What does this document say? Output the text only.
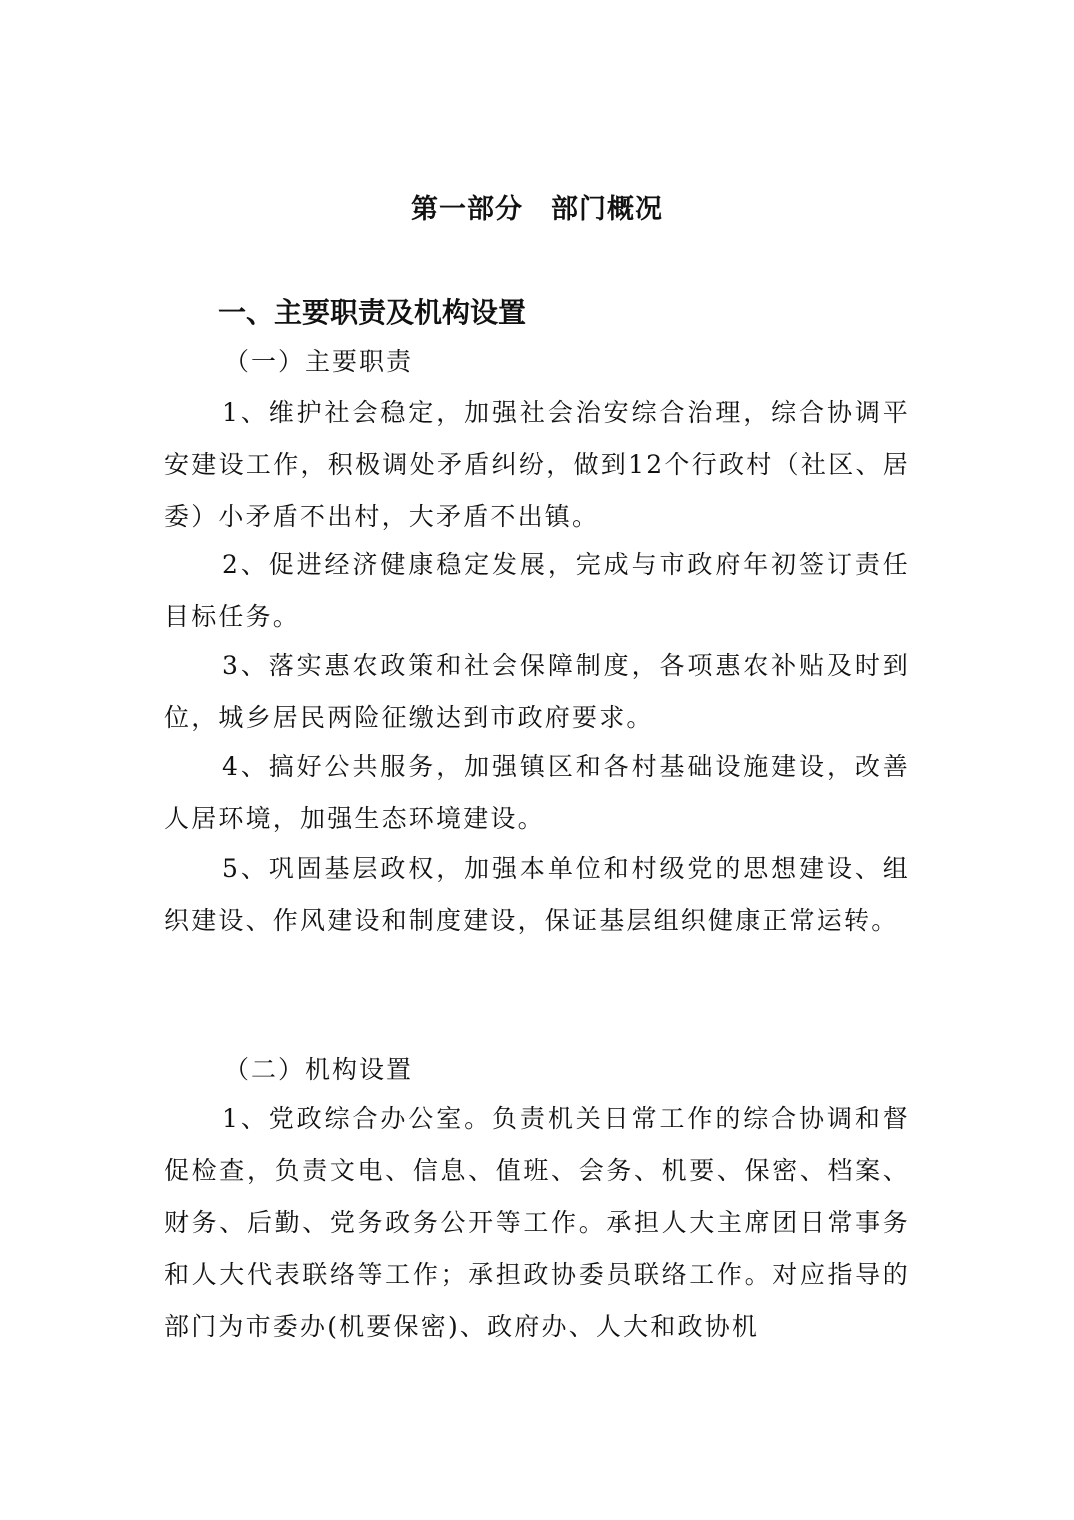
第一部分　部门概况
一、主要职责及机构设置
（一）主要职责

1、维护社会稳定，加强社会治安综合治理，综合协调平安建设工作，积极调处矛盾纠纷，做到12个行政村（社区、居委）小矛盾不出村，大矛盾不出镇。

2、促进经济健康稳定发展，完成与市政府年初签订责任目标任务。

3、落实惠农政策和社会保障制度，各项惠农补贴及时到位，城乡居民两险征缴达到市政府要求。

4、搞好公共服务，加强镇区和各村基础设施建设，改善人居环境，加强生态环境建设。

5、巩固基层政权，加强本单位和村级党的思想建设、组织建设、作风建设和制度建设，保证基层组织健康正常运转。

（二）机构设置

1、党政综合办公室。负责机关日常工作的综合协调和督促检查，负责文电、信息、值班、会务、机要、保密、档案、财务、后勤、党务政务公开等工作。承担人大主席团日常事务和人大代表联络等工作；承担政协委员联络工作。对应指导的部门为市委办(机要保密)、政府办、人大和政协机
